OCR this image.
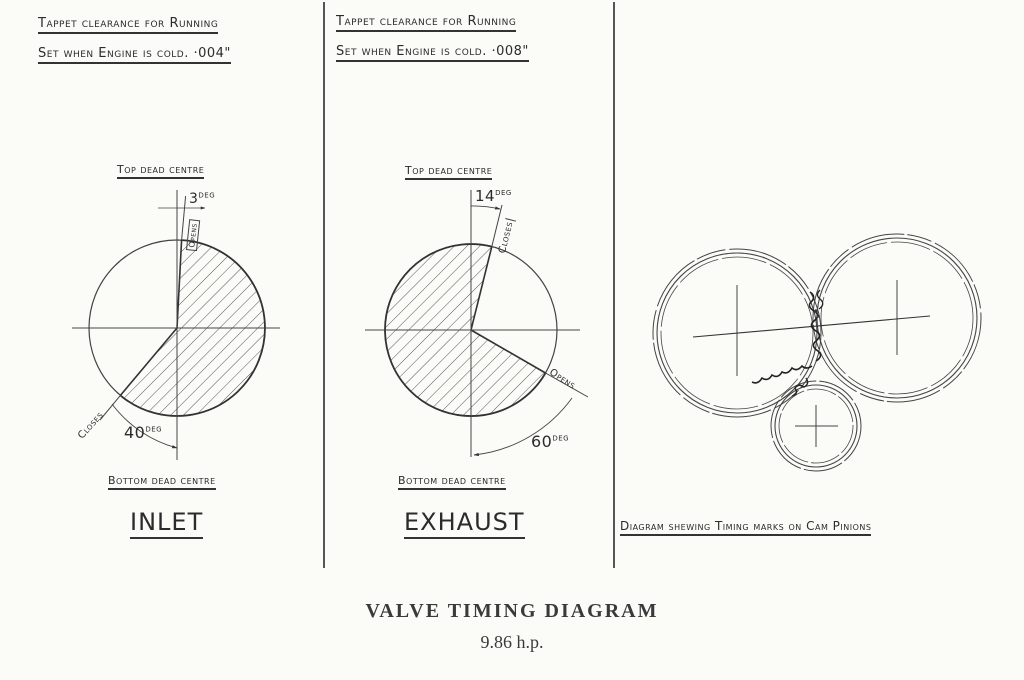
Tappet clearance for Running
Set when Engine is cold. ·004"
Top dead centre
$3^{DEG}$
Opens
Closes $40^{DEG}$
Bottom dead centre
INLET
Tappet clearance for Running
Set when Engine is cold. ·008"
Top dead centre
$14^{DEG}$
Closes
Opens
$60^{DEG}$
Bottom dead centre
EXHAUST	Diagram shewing Timing marks on Cam Pinions
VALVE TIMING DIAGRAM
9.86 h.p.
